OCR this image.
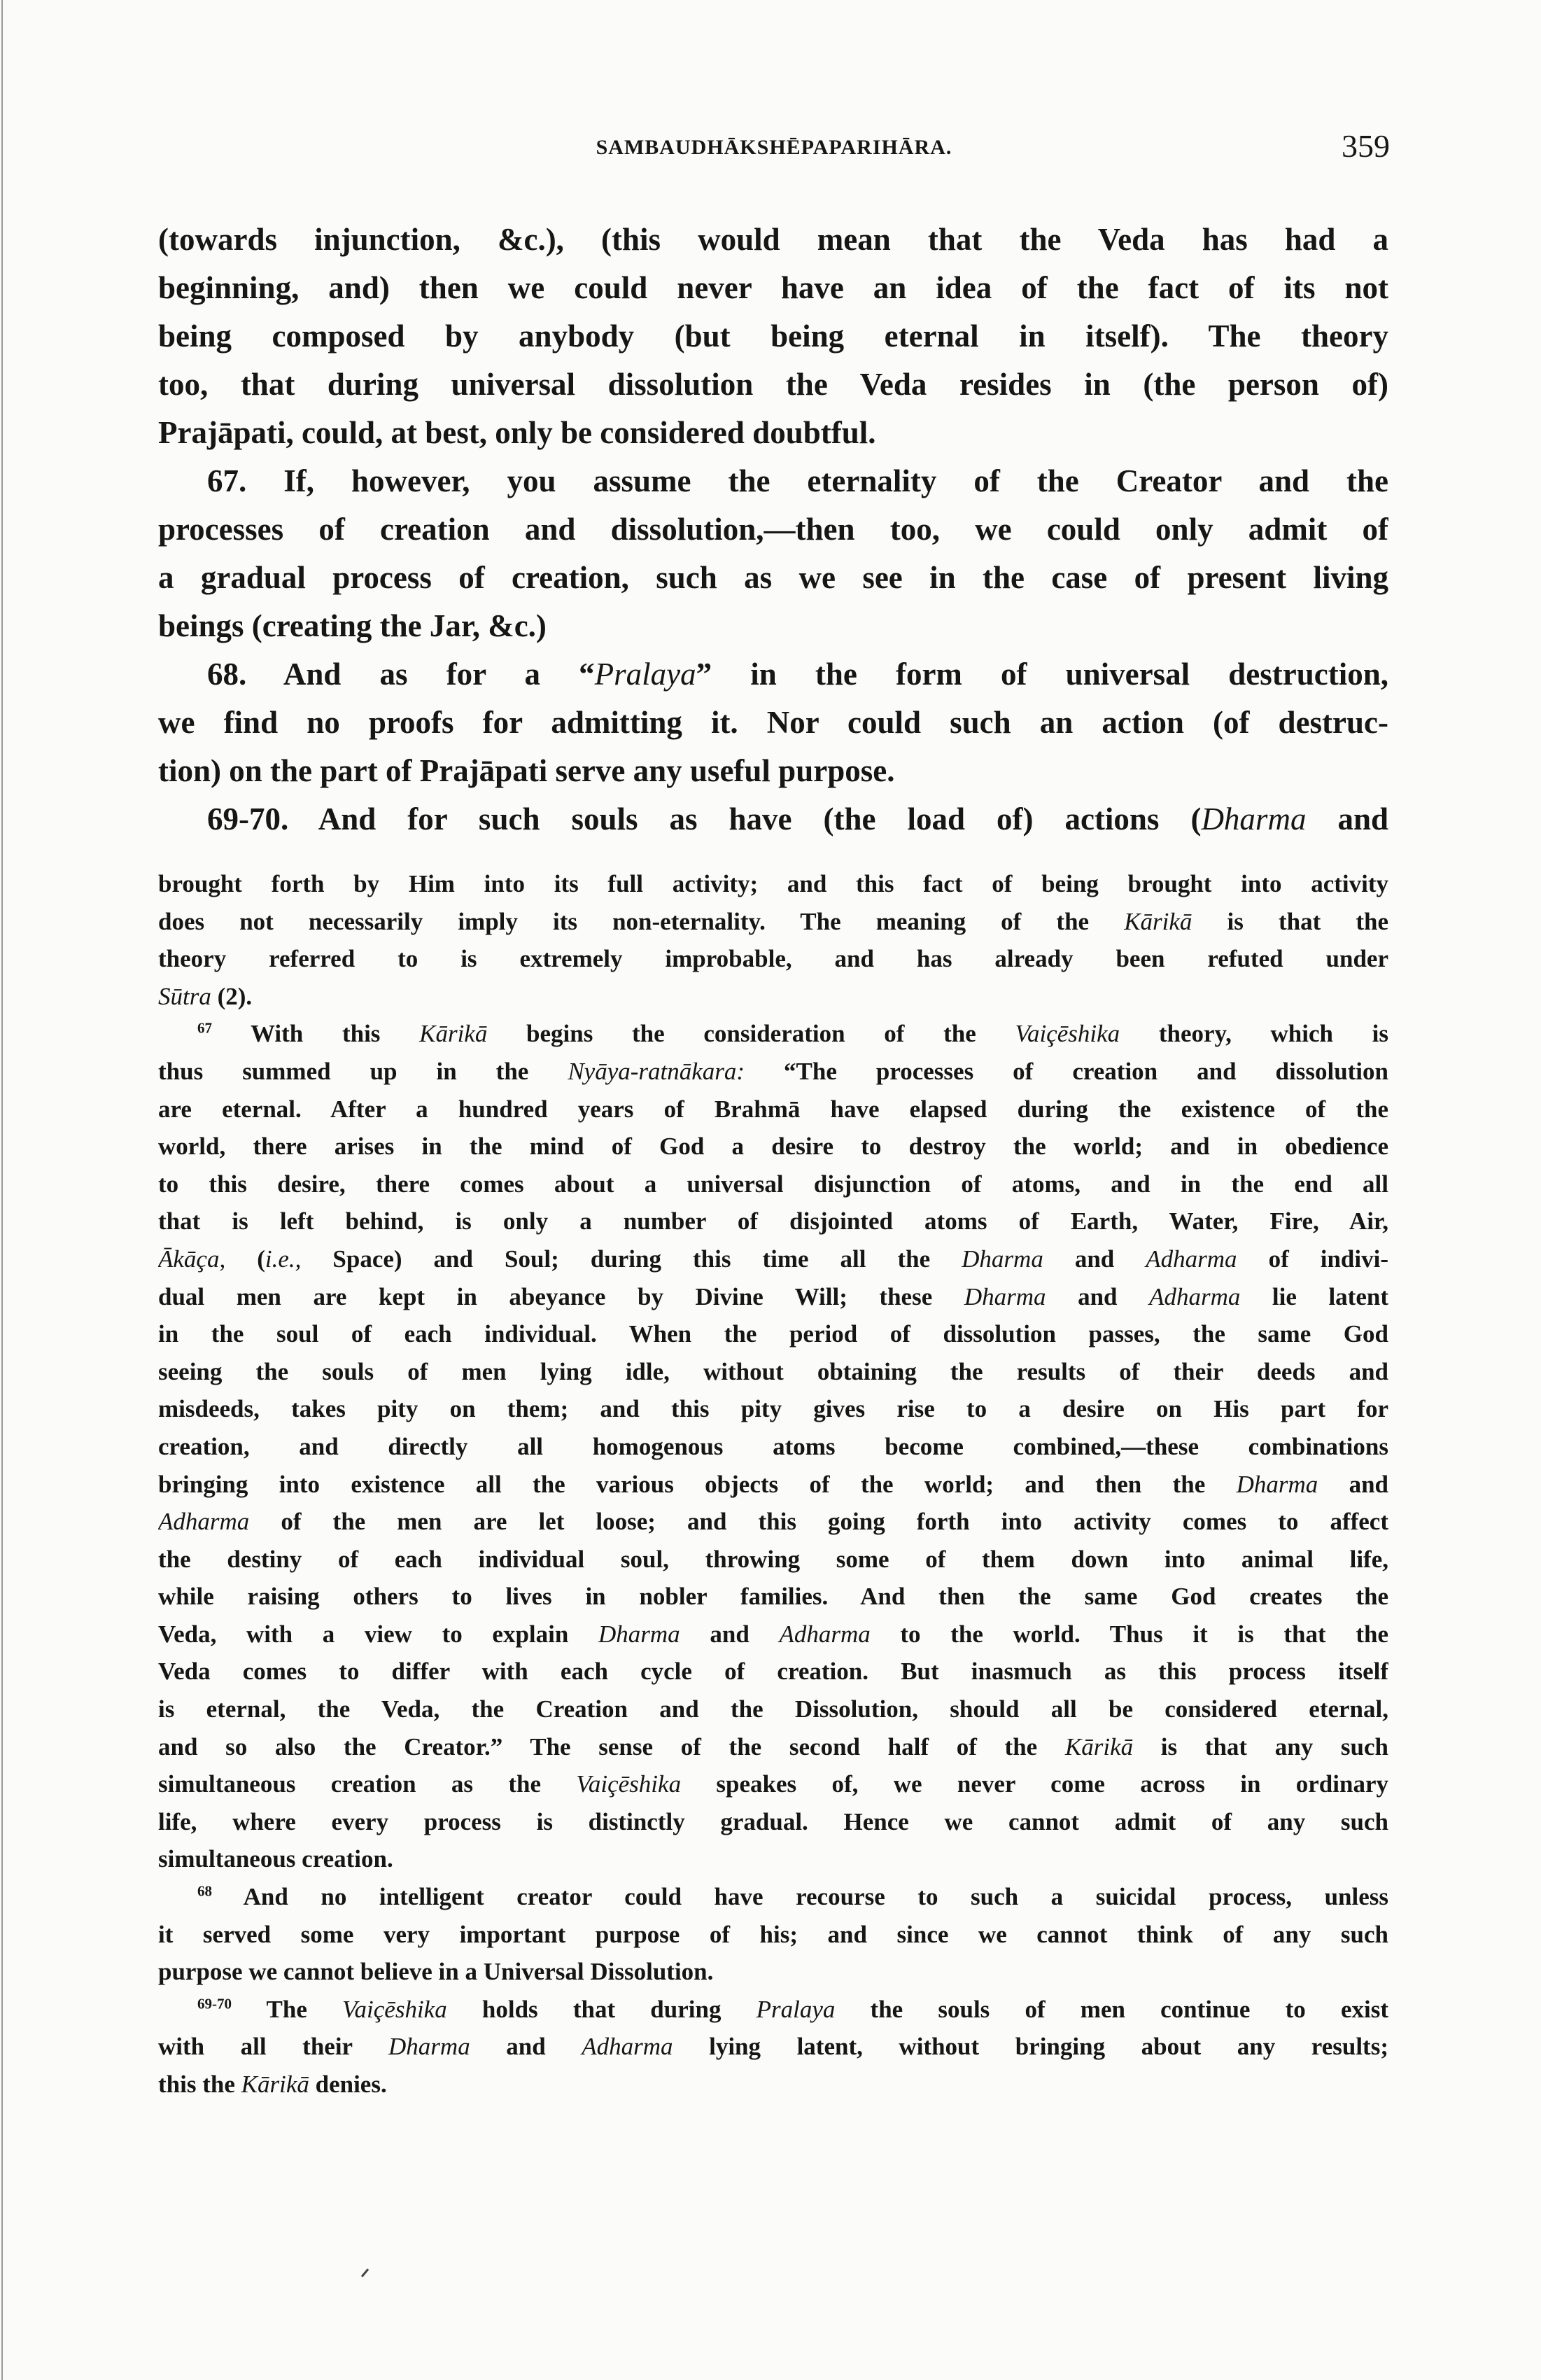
SAMBAUDHĀKSHĒPAPARIHĀRA.	359
(towards injunction, &c.), (this would mean that the Veda has had a
beginning, and) then we could never have an idea of the fact of its not
being composed by anybody (but being eternal in itself). The theory
too, that during universal dissolution the Veda resides in (the person of)
Prajāpati, could, at best, only be considered doubtful.
67. If, however, you assume the eternality of the Creator and the
processes of creation and dissolution,—then too, we could only admit of
a gradual process of creation, such as we see in the case of present living
beings (creating the Jar, &c.)
68. And as for a “Pralaya” in the form of universal destruction,
we find no proofs for admitting it. Nor could such an action (of destruc-
tion) on the part of Prajāpati serve any useful purpose.
69-70. And for such souls as have (the load of) actions (Dharma and
brought forth by Him into its full activity; and this fact of being brought into activity
does not necessarily imply its non-eternality. The meaning of the Kārikā is that the
theory referred to is extremely improbable, and has already been refuted under
Sūtra (2).
$^{67}$ With this Kārikā begins the consideration of the Vaiçēshika theory, which is
thus summed up in the Nyāya-ratnākara: “The processes of creation and dissolution
are eternal. After a hundred years of Brahmā have elapsed during the existence of the
world, there arises in the mind of God a desire to destroy the world; and in obedience
to this desire, there comes about a universal disjunction of atoms, and in the end all
that is left behind, is only a number of disjointed atoms of Earth, Water, Fire, Air,
Ākāça, (i.e., Space) and Soul; during this time all the Dharma and Adharma of indivi-
dual men are kept in abeyance by Divine Will; these Dharma and Adharma lie latent
in the soul of each individual. When the period of dissolution passes, the same God
seeing the souls of men lying idle, without obtaining the results of their deeds and
misdeeds, takes pity on them; and this pity gives rise to a desire on His part for
creation, and directly all homogenous atoms become combined,—these combinations
bringing into existence all the various objects of the world; and then the Dharma and
Adharma of the men are let loose; and this going forth into activity comes to affect
the destiny of each individual soul, throwing some of them down into animal life,
while raising others to lives in nobler families. And then the same God creates the
Veda, with a view to explain Dharma and Adharma to the world. Thus it is that the
Veda comes to differ with each cycle of creation. But inasmuch as this process itself
is eternal, the Veda, the Creation and the Dissolution, should all be considered eternal,
and so also the Creator.” The sense of the second half of the Kārikā is that any such
simultaneous creation as the Vaiçēshika speakes of, we never come across in ordinary
life, where every process is distinctly gradual. Hence we cannot admit of any such
simultaneous creation.
$^{68}$ And no intelligent creator could have recourse to such a suicidal process, unless
it served some very important purpose of his; and since we cannot think of any such
purpose we cannot believe in a Universal Dissolution.
$^{69-70}$ The Vaiçēshika holds that during Pralaya the souls of men continue to exist
with all their Dharma and Adharma lying latent, without bringing about any results;
this the Kārikā denies.
